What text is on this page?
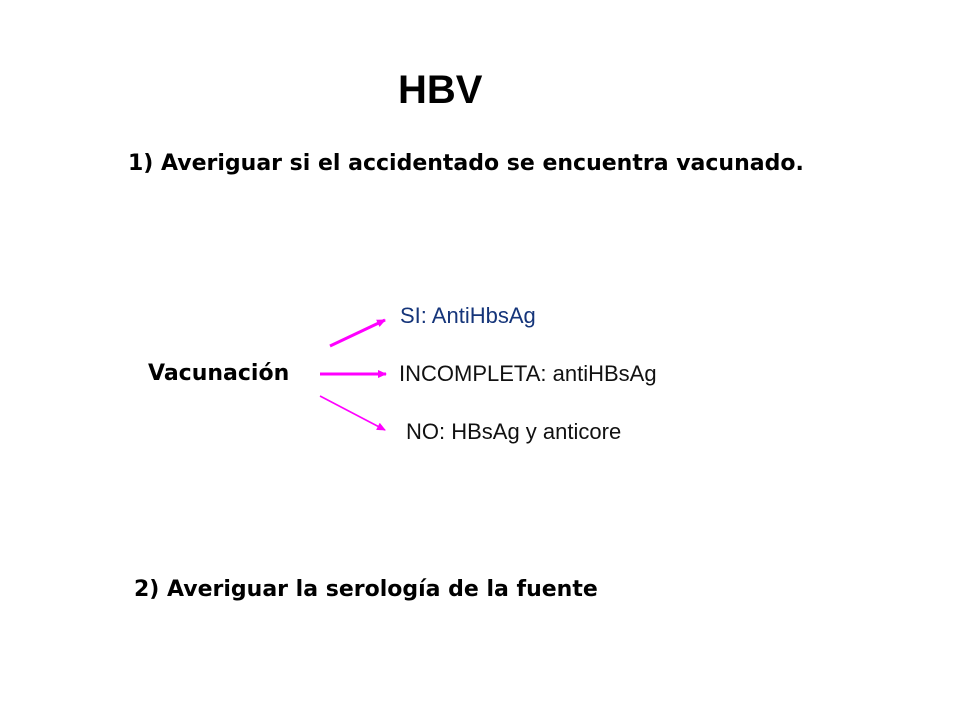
HBV
1) Averiguar si el accidentado se encuentra vacunado.
Vacunación
SI: AntiHbsAg
INCOMPLETA: antiHBsAg
NO: HBsAg y anticore
2) Averiguar la serología de la fuente
